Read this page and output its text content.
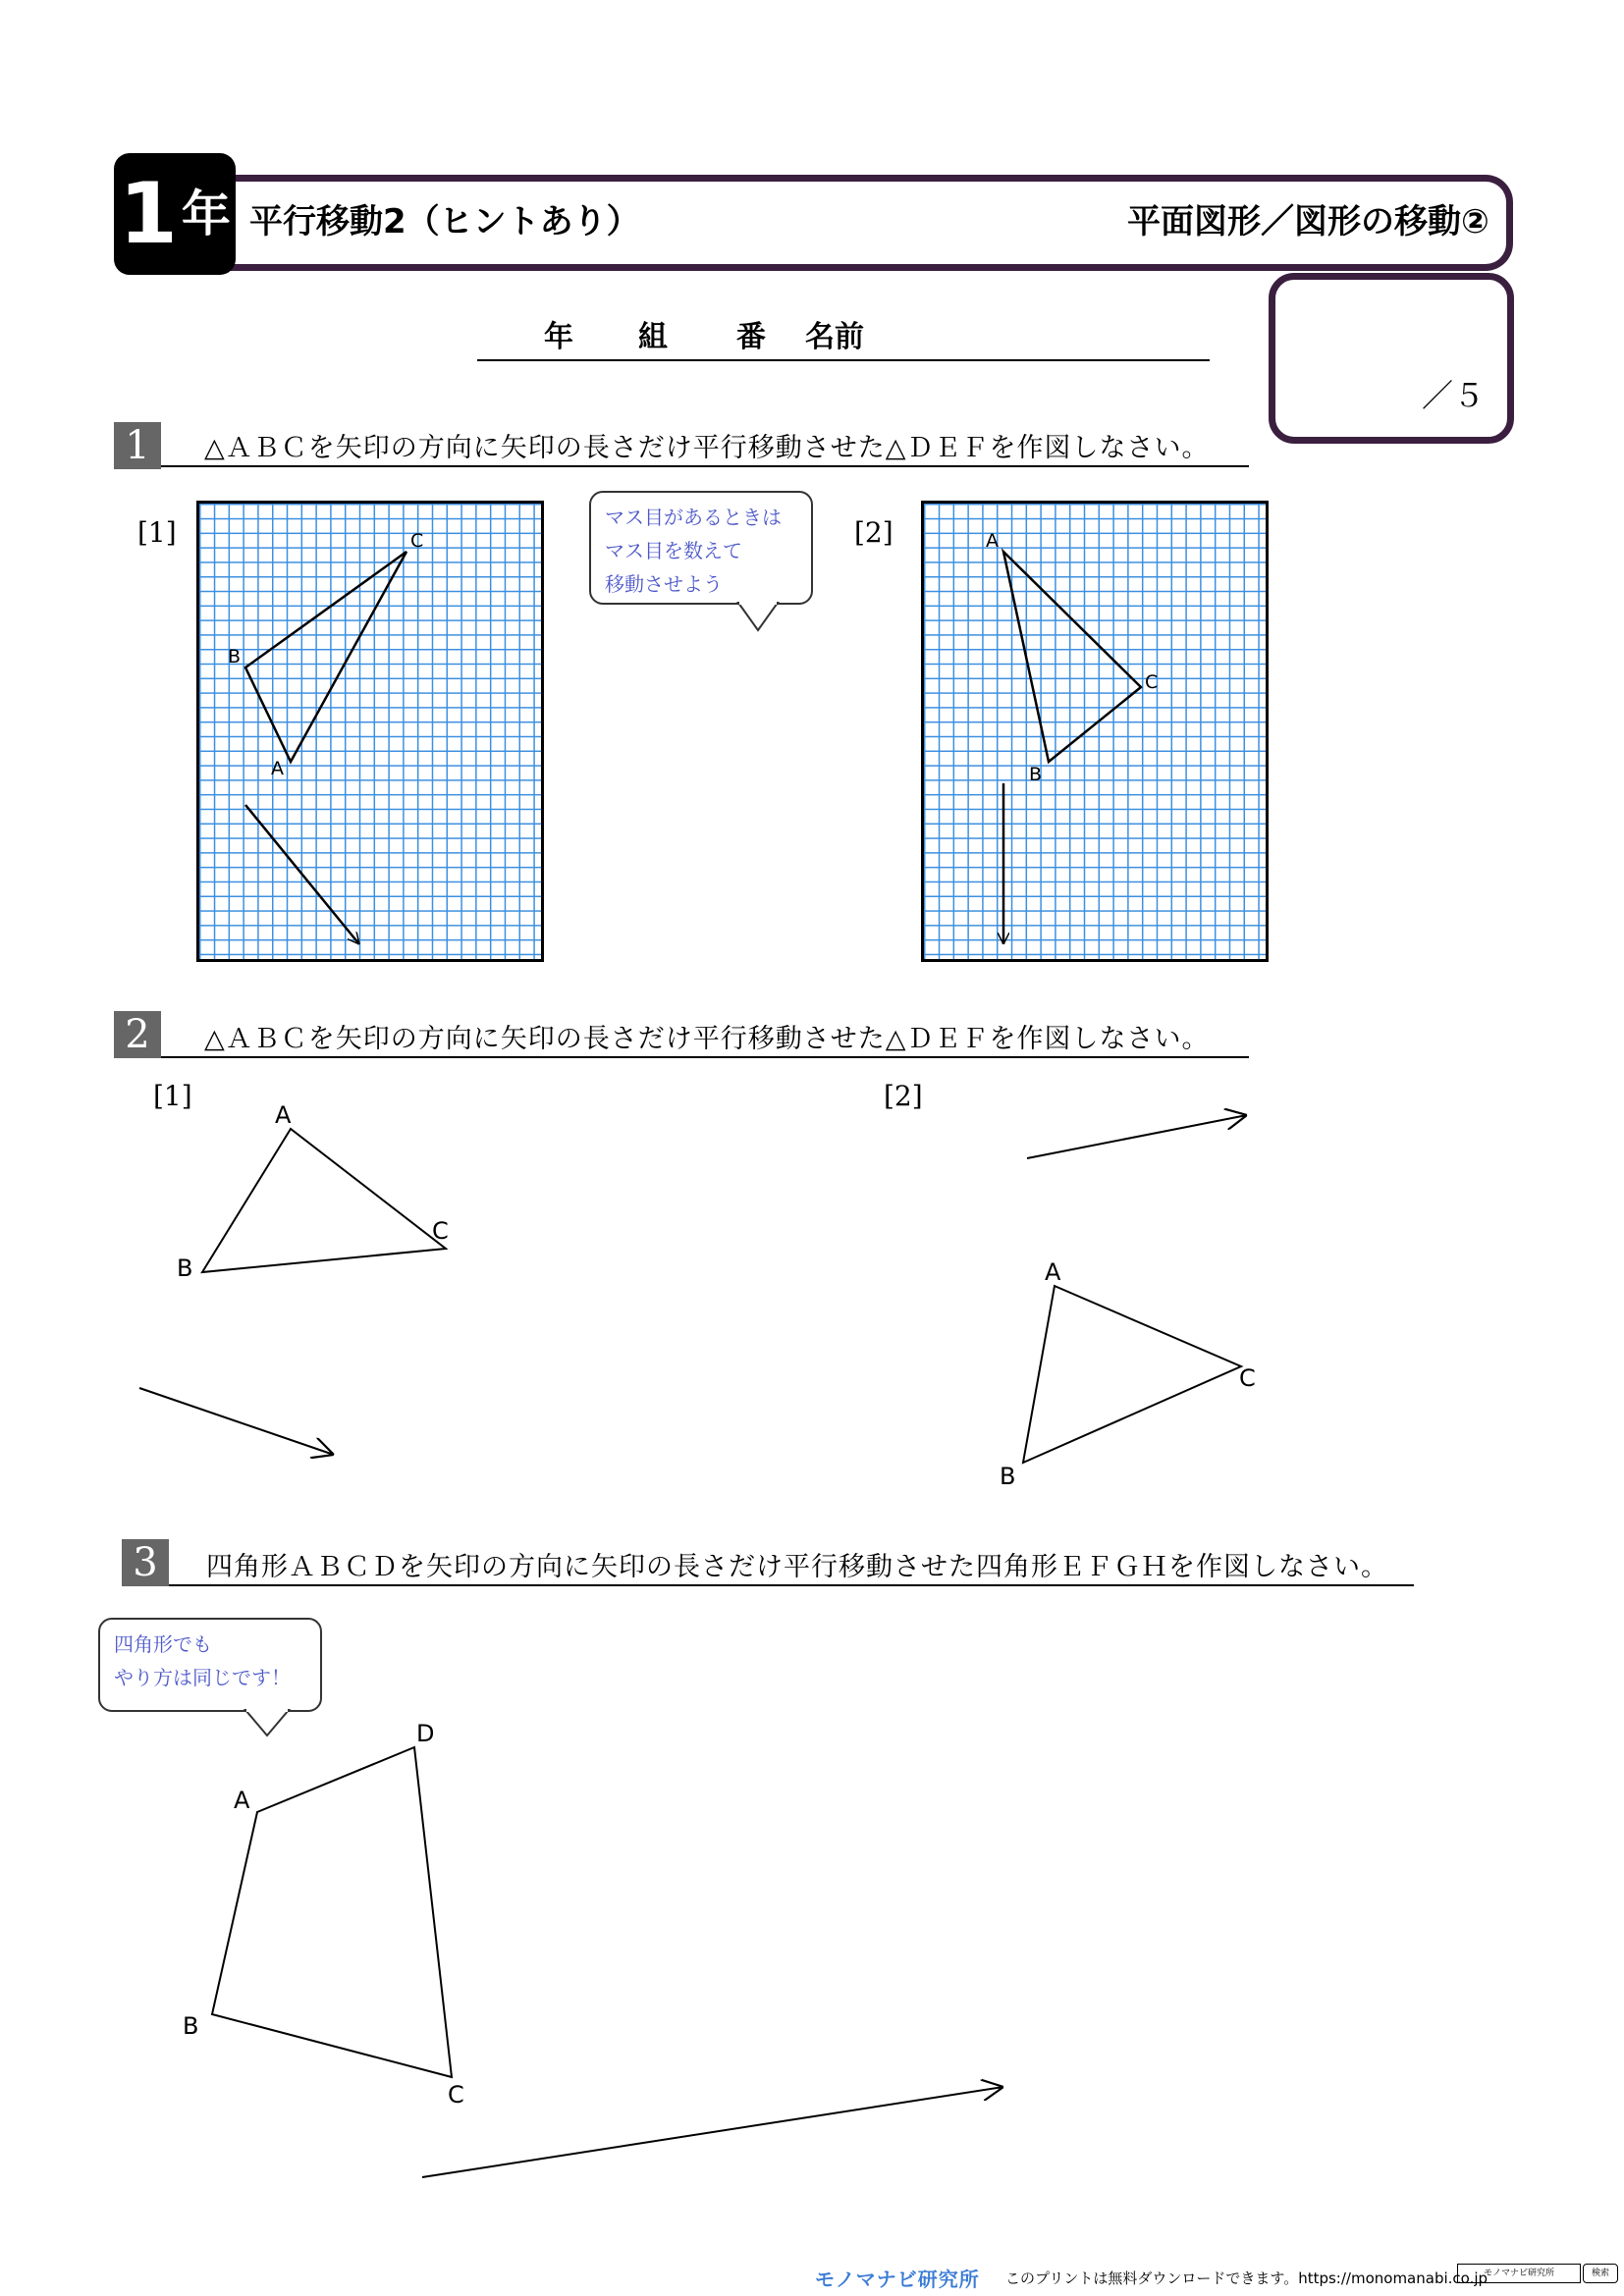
1 年 平行移動2（ヒントあり）	平面図形／図形の移動②
／５
年 組 番 名前
1	△ＡＢＣを矢印の方向に矢印の長さだけ平行移動させた△ＤＥＦを作図しなさい。
[1]	[2]
マス目があるときは
マス目を数えて
移動させよう
2	△ＡＢＣを矢印の方向に矢印の長さだけ平行移動させた△ＤＥＦを作図しなさい。
[1]	[2]
3	四角形ＡＢＣＤを矢印の方向に矢印の長さだけ平行移動させた四角形ＥＦＧＨを作図しなさい。
四角形でも
やり方は同じです！
C
B
A
A
C
B
A
C
B	A
C
B
A
D
B
C
モノマナビ研究所 このプリントは無料ダウンロードできます。https://monomanabi.co.jp
モノマナビ研究所	検索
